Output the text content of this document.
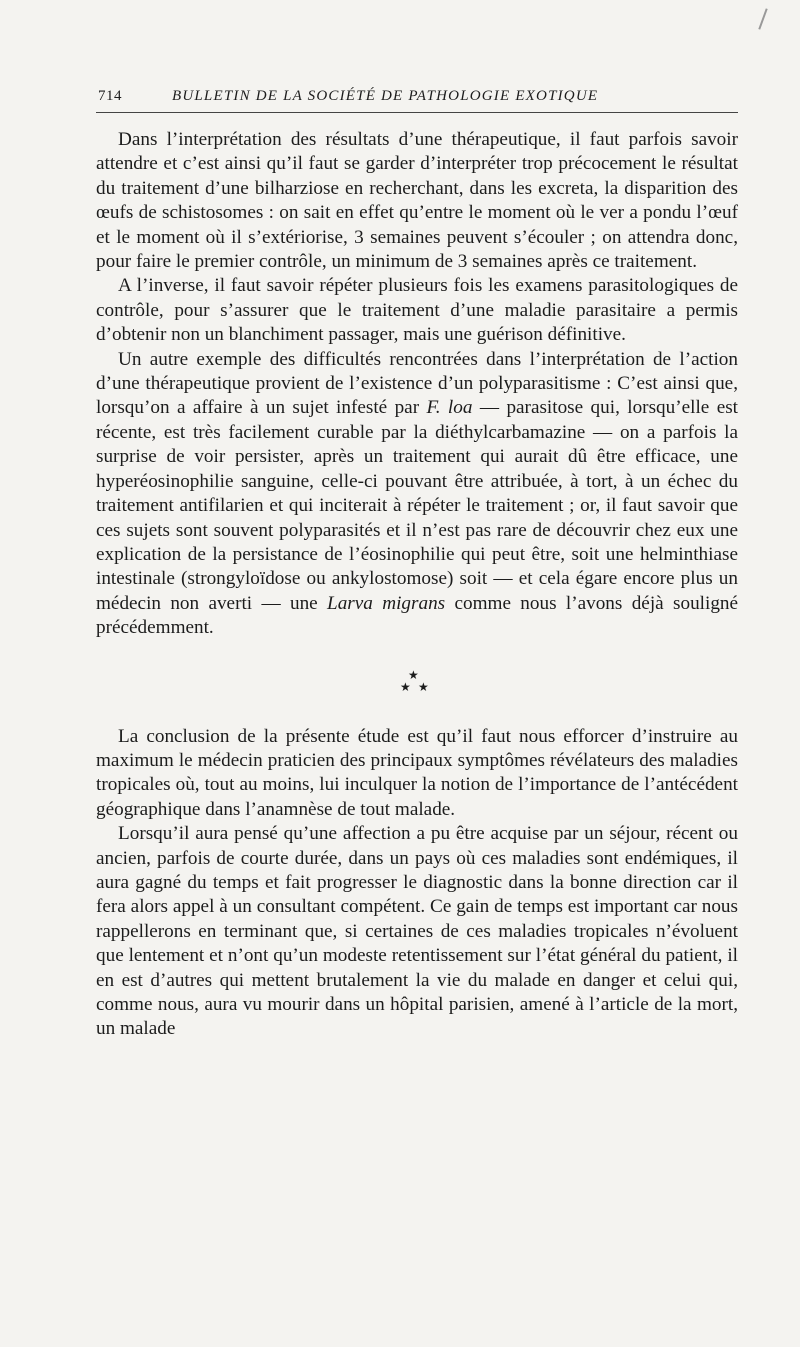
714	BULLETIN DE LA SOCIÉTÉ DE PATHOLOGIE EXOTIQUE

Dans l’interprétation des résultats d’une thérapeutique, il faut parfois savoir attendre et c’est ainsi qu’il faut se garder d’interpréter trop précocement le résultat du traitement d’une bilharziose en recherchant, dans les excreta, la disparition des œufs de schistosomes : on sait en effet qu’entre le moment où le ver a pondu l’œuf et le moment où il s’extériorise, 3 semaines peuvent s’écouler ; on attendra donc, pour faire le premier contrôle, un minimum de 3 semaines après ce traitement.

A l’inverse, il faut savoir répéter plusieurs fois les examens parasitologiques de contrôle, pour s’assurer que le traitement d’une maladie parasitaire a permis d’obtenir non un blanchiment passager, mais une guérison définitive.

Un autre exemple des difficultés rencontrées dans l’interprétation de l’action d’une thérapeutique provient de l’existence d’un polyparasitisme : C’est ainsi que, lorsqu’on a affaire à un sujet infesté par F. loa — parasitose qui, lorsqu’elle est récente, est très facilement curable par la diéthylcarbamazine — on a parfois la surprise de voir persister, après un traitement qui aurait dû être efficace, une hyperéosinophilie sanguine, celle-ci pouvant être attribuée, à tort, à un échec du traitement antifilarien et qui inciterait à répéter le traitement ; or, il faut savoir que ces sujets sont souvent polyparasités et il n’est pas rare de découvrir chez eux une explication de la persistance de l’éosinophilie qui peut être, soit une helminthiase intestinale (strongyloïdose ou ankylostomose) soit — et cela égare encore plus un médecin non averti — une Larva migrans comme nous l’avons déjà souligné précédemment.

★
★ ★

La conclusion de la présente étude est qu’il faut nous efforcer d’instruire au maximum le médecin praticien des principaux symptômes révélateurs des maladies tropicales où, tout au moins, lui inculquer la notion de l’importance de l’antécédent géographique dans l’anamnèse de tout malade.

Lorsqu’il aura pensé qu’une affection a pu être acquise par un séjour, récent ou ancien, parfois de courte durée, dans un pays où ces maladies sont endémiques, il aura gagné du temps et fait progresser le diagnostic dans la bonne direction car il fera alors appel à un consultant compétent. Ce gain de temps est important car nous rappellerons en terminant que, si certaines de ces maladies tropicales n’évoluent que lentement et n’ont qu’un modeste retentissement sur l’état général du patient, il en est d’autres qui mettent brutalement la vie du malade en danger et celui qui, comme nous, aura vu mourir dans un hôpital parisien, amené à l’article de la mort, un malade
